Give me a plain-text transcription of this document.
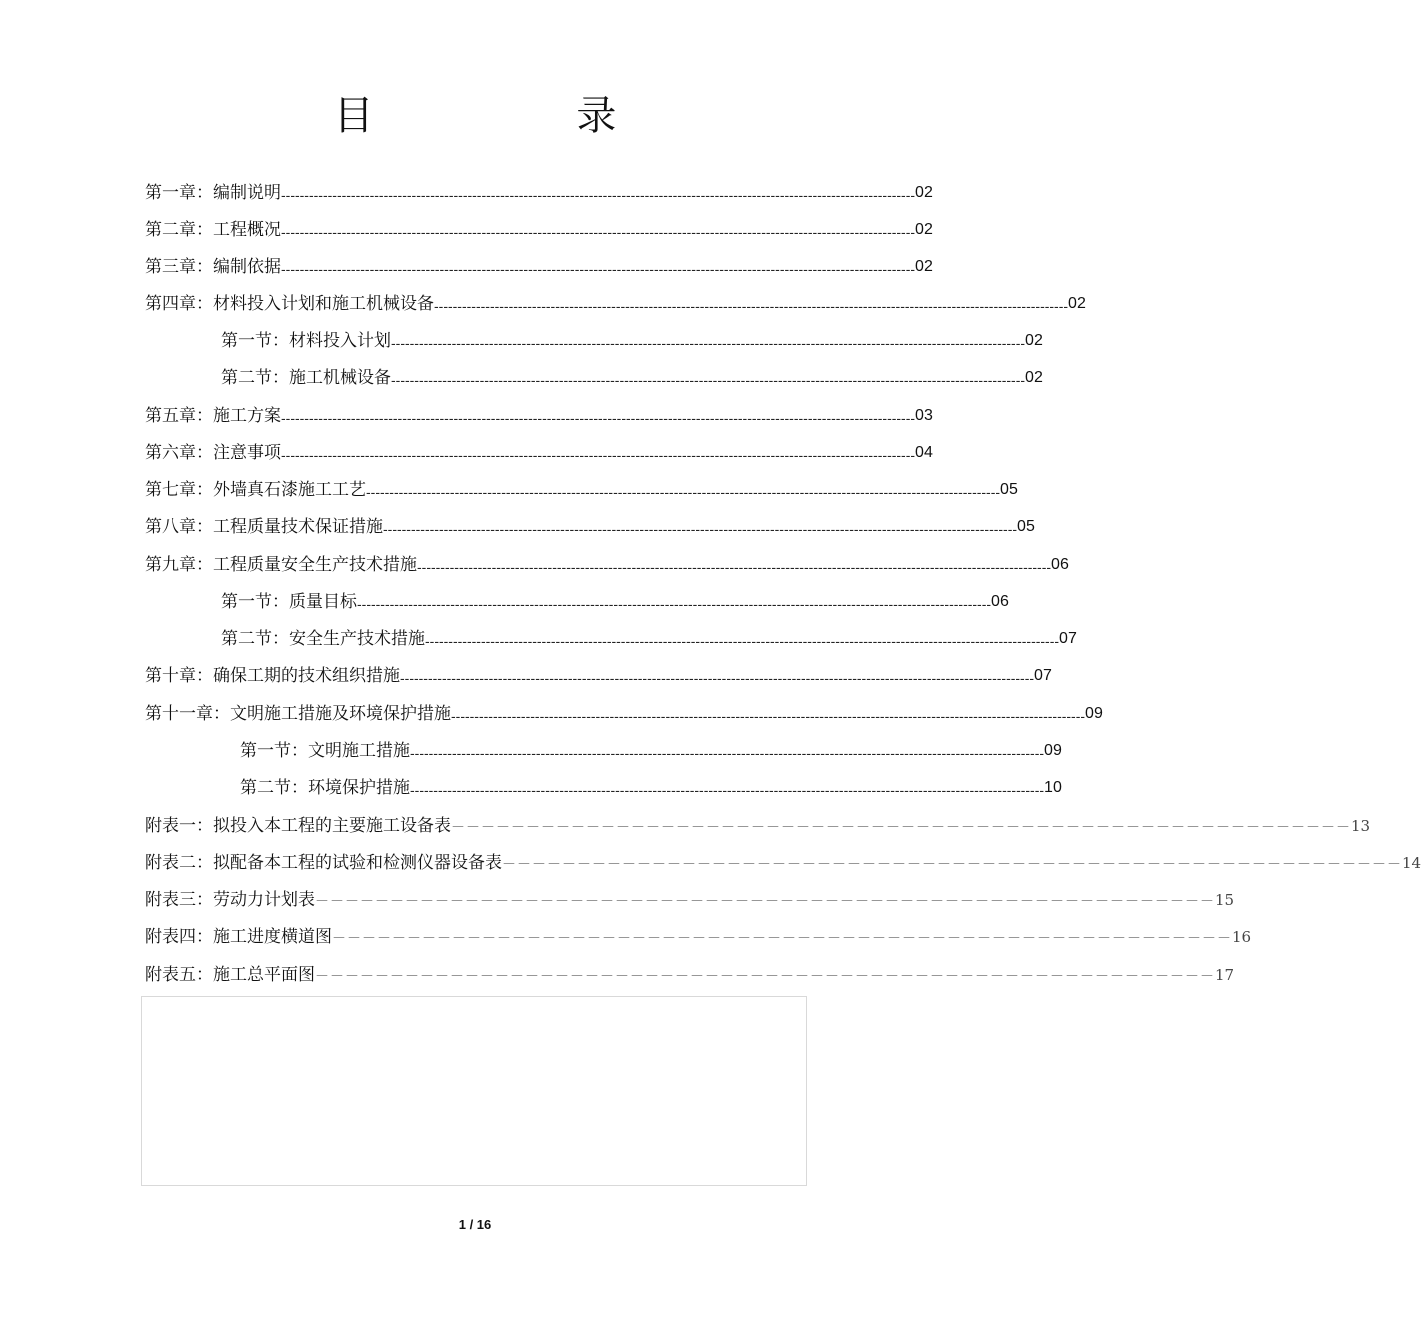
目 录
第一章：编制说明 ---------------------------------------------------------------------------------------------------------------------------------------- 02
第二章：工程概况 ---------------------------------------------------------------------------------------------------------------------------------------- 02
第三章：编制依据 ---------------------------------------------------------------------------------------------------------------------------------------- 02
第四章：材料投入计划和施工机械设备 ---------------------------------------------------------------------------------------------------------------------------------------- 02
第一节：材料投入计划 ---------------------------------------------------------------------------------------------------------------------------------------- 02
第二节：施工机械设备 ---------------------------------------------------------------------------------------------------------------------------------------- 02
第五章：施工方案 ---------------------------------------------------------------------------------------------------------------------------------------- 03
第六章：注意事项 ---------------------------------------------------------------------------------------------------------------------------------------- 04
第七章：外墙真石漆施工工艺 ---------------------------------------------------------------------------------------------------------------------------------------- 05
第八章：工程质量技术保证措施 ---------------------------------------------------------------------------------------------------------------------------------------- 05
第九章：工程质量安全生产技术措施 ---------------------------------------------------------------------------------------------------------------------------------------- 06
第一节：质量目标 ---------------------------------------------------------------------------------------------------------------------------------------- 06
第二节：安全生产技术措施 ---------------------------------------------------------------------------------------------------------------------------------------- 07
第十章：确保工期的技术组织措施 ---------------------------------------------------------------------------------------------------------------------------------------- 07
第十一章：文明施工措施及环境保护措施 ---------------------------------------------------------------------------------------------------------------------------------------- 09
第一节：文明施工措施 ---------------------------------------------------------------------------------------------------------------------------------------- 09
第二节：环境保护措施 ---------------------------------------------------------------------------------------------------------------------------------------- 10
附表一：拟投入本工程的主要施工设备表 －－－－－－－－－－－－－－－－－－－－－－－－－－－－－－－－－－－－－－－－－－－－－－－－－－－－－－－－－－－－ 13
附表二：拟配备本工程的试验和检测仪器设备表 －－－－－－－－－－－－－－－－－－－－－－－－－－－－－－－－－－－－－－－－－－－－－－－－－－－－－－－－－－－－ 14
附表三：劳动力计划表 －－－－－－－－－－－－－－－－－－－－－－－－－－－－－－－－－－－－－－－－－－－－－－－－－－－－－－－－－－－－ 15
附表四：施工进度横道图 －－－－－－－－－－－－－－－－－－－－－－－－－－－－－－－－－－－－－－－－－－－－－－－－－－－－－－－－－－－－ 16
附表五：施工总平面图 －－－－－－－－－－－－－－－－－－－－－－－－－－－－－－－－－－－－－－－－－－－－－－－－－－－－－－－－－－－－ 17
1 / 16
